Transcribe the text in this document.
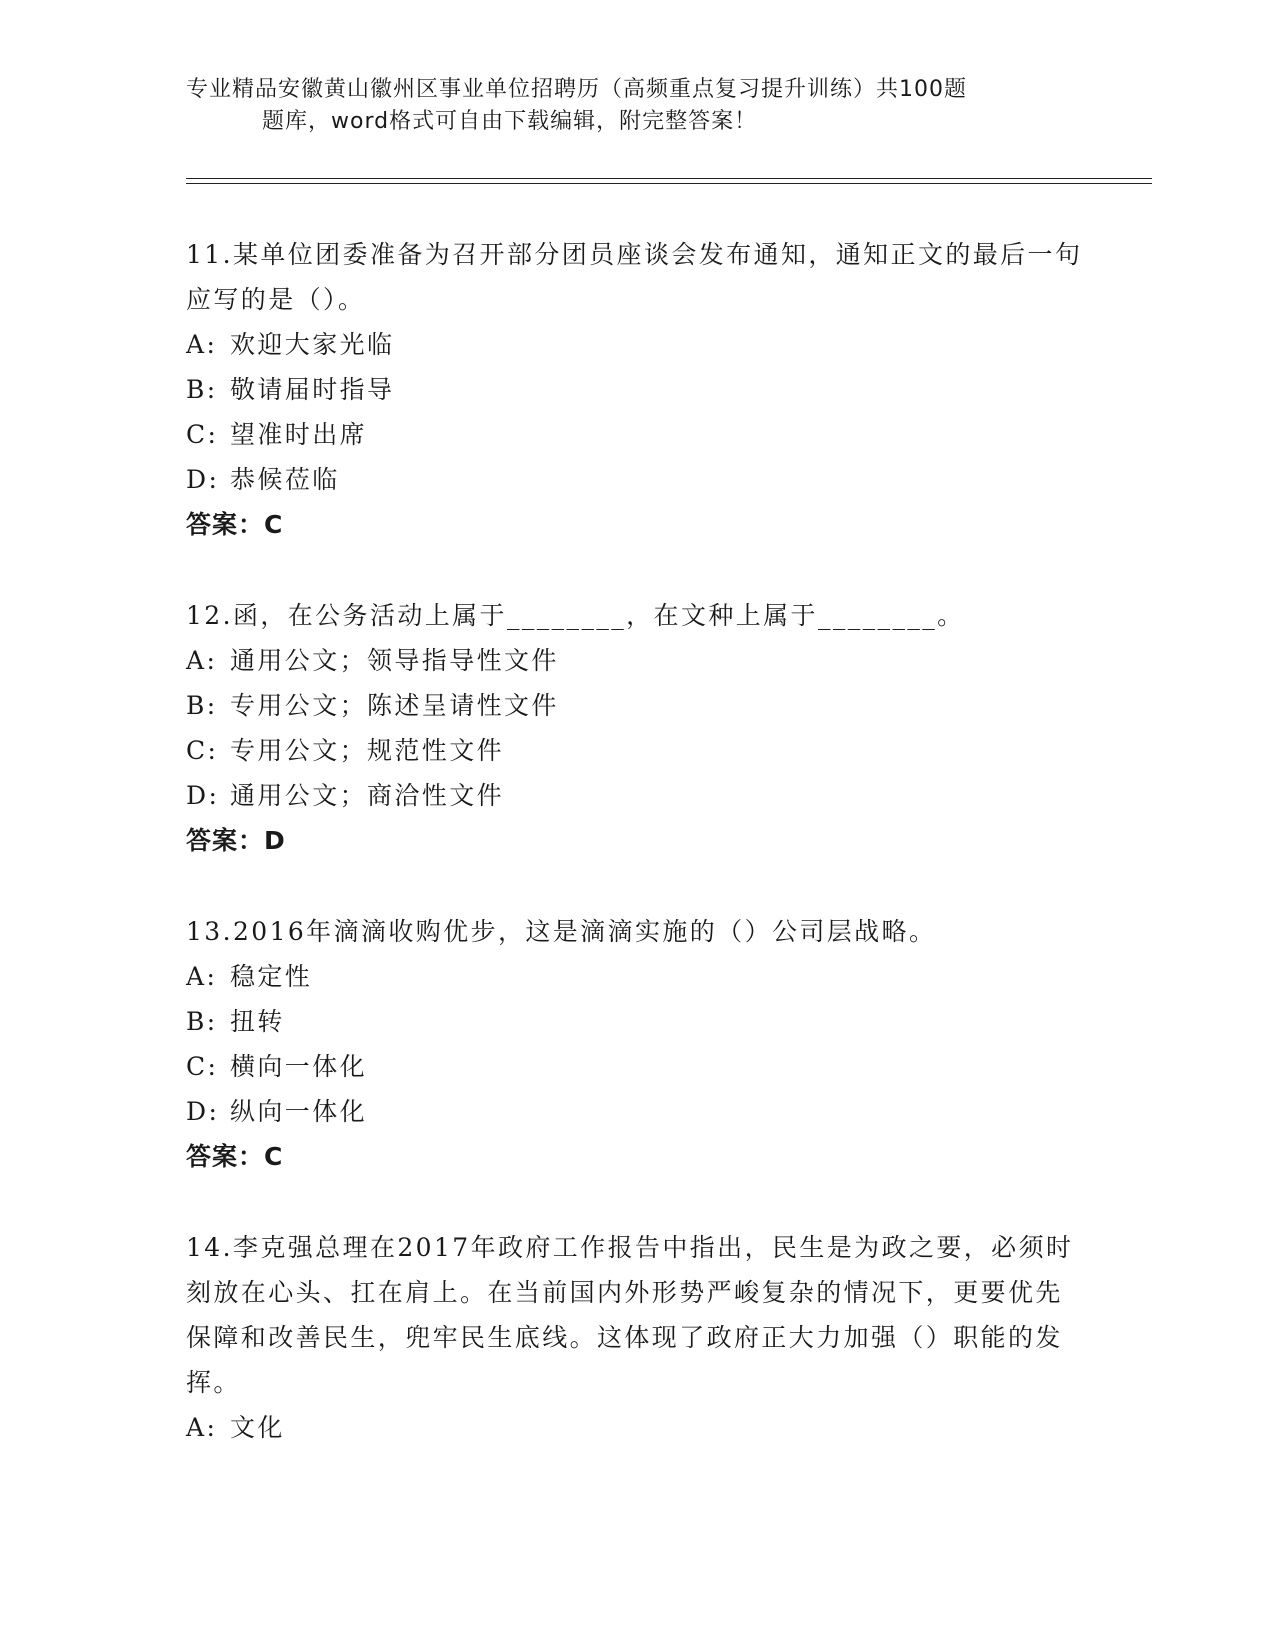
专业精品安徽黄山徽州区事业单位招聘历（高频重点复习提升训练）共100题
题库，word格式可自由下载编辑，附完整答案！

11.某单位团委准备为召开部分团员座谈会发布通知，通知正文的最后一句应写的是（）。

A: 欢迎大家光临

B: 敬请届时指导

C: 望准时出席

D: 恭候莅临

答案：C

12.函，在公务活动上属于________，在文种上属于________。

A: 通用公文；领导指导性文件

B: 专用公文；陈述呈请性文件

C: 专用公文；规范性文件

D: 通用公文；商洽性文件

答案：D

13.2016年滴滴收购优步，这是滴滴实施的（）公司层战略。

A: 稳定性

B: 扭转

C: 横向一体化

D: 纵向一体化

答案：C

14.李克强总理在2017年政府工作报告中指出，民生是为政之要，必须时刻放在心头、扛在肩上。在当前国内外形势严峻复杂的情况下，更要优先保障和改善民生，兜牢民生底线。这体现了政府正大力加强（）职能的发挥。

A: 文化
